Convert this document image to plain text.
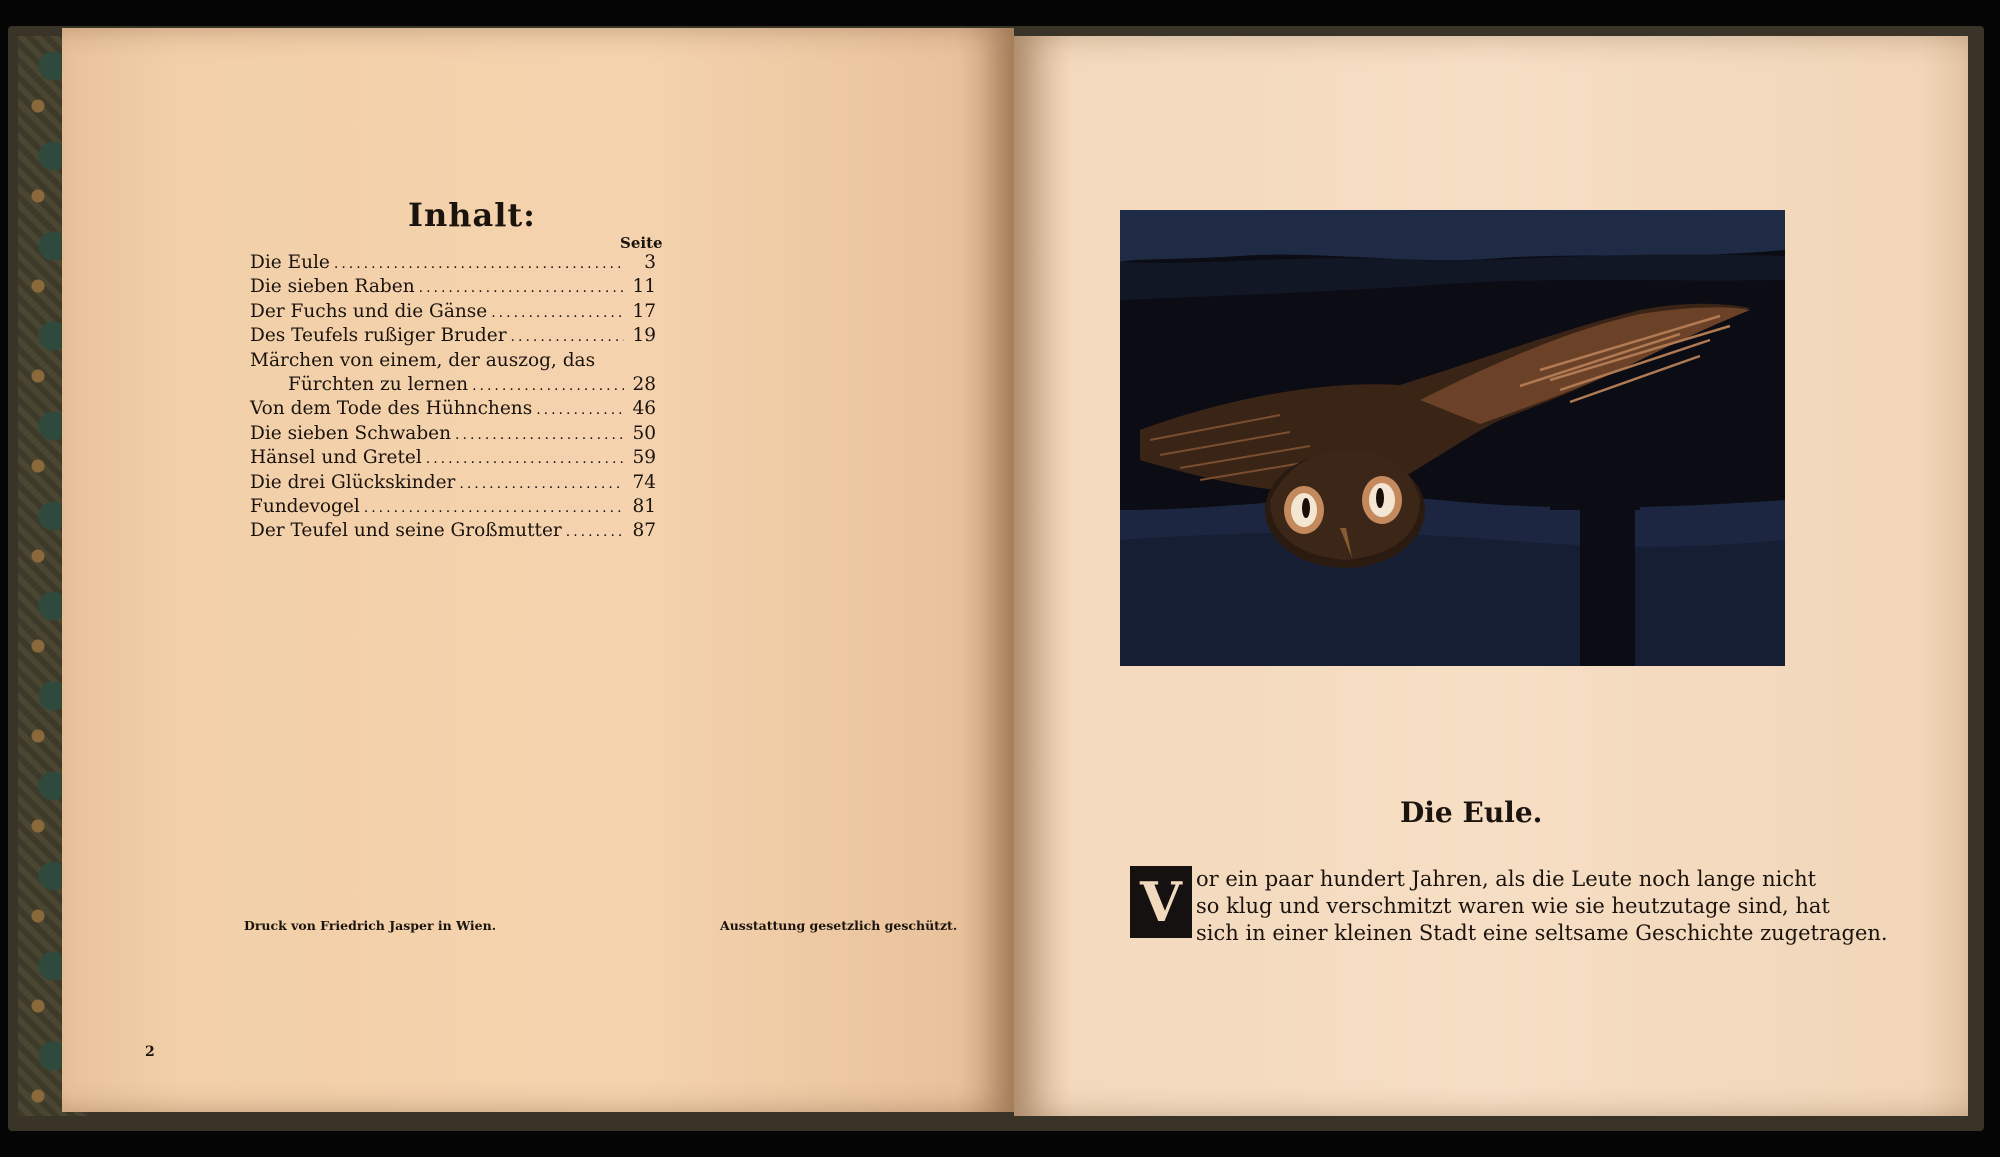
Inhalt:
Seite
Die Eule .....	3
Die sieben Raben .....	11
Der Fuchs und die Gänse .....	17
Des Teufels rußiger Bruder .....	19
Märchen von einem, der auszog, das
Fürchten zu lernen .....	28
Von dem Tode des Hühnchens .....	46
Die sieben Schwaben .....	50
Hänsel und Gretel .....	59
Die drei Glückskinder .....	74
Fundevogel .....	81
Der Teufel und seine Großmutter .....	87
Druck von Friedrich Jasper in Wien.	Ausstattung gesetzlich geschützt.
2
Die Eule.
V or ein paar hundert Jahren, als die Leute noch lange nicht
so klug und verschmitzt waren wie sie heutzutage sind, hat
sich in einer kleinen Stadt eine seltsame Geschichte zugetragen.
